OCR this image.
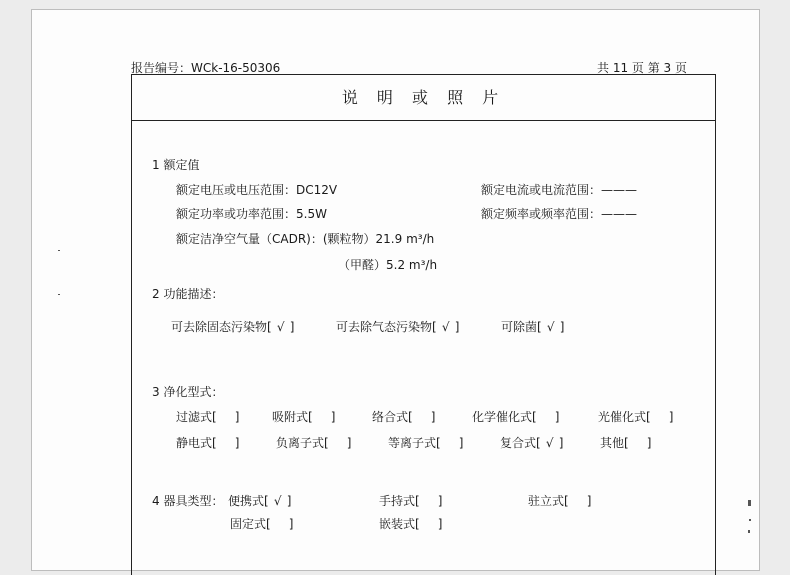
报告编号：WCk-16-50306	共 11 页 第 3 页
说 明 或 照 片
1 额定值
额定电压或电压范围：DC12V	额定电流或电流范围：———
额定功率或功率范围：5.5W	额定频率或频率范围：———
额定洁净空气量（CADR)：(颗粒物）21.9 m³/h
（甲醛）5.2 m³/h
2 功能描述：
可去除固态污染物[ √ ]	可去除气态污染物[ √ ]	可除菌[ √ ]
3 净化型式：
过滤式[ ]	吸附式[ ]	络合式[ ]	化学催化式[ ]	光催化式[ ]
静电式[ ]	负离子式[ ]	等离子式[ ]	复合式[ √ ]	其他[ ]
4 器具类型： 便携式[ √ ]	手持式[ ]	驻立式[ ]
固定式[ ]	嵌装式[ ]
